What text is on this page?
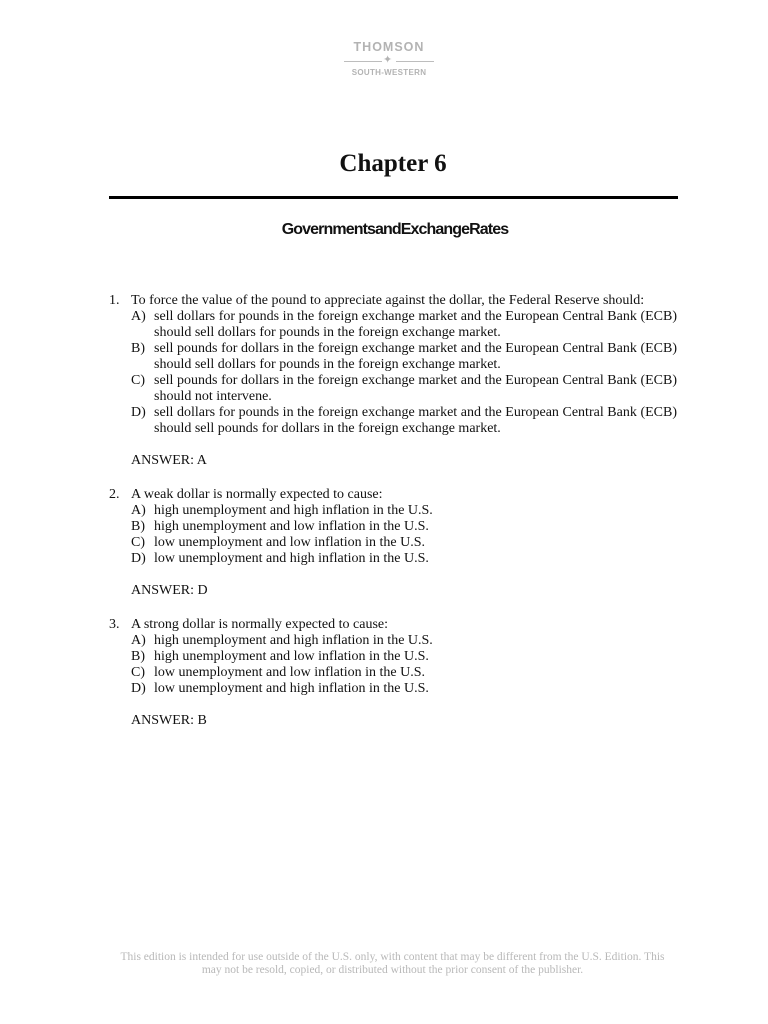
THOMSON
✦
SOUTH-WESTERN
Chapter 6
GovernmentsandExchangeRates
1. To force the value of the pound to appreciate against the dollar, the Federal Reserve should:
A) sell dollars for pounds in the foreign exchange market and the European Central Bank (ECB) should sell dollars for pounds in the foreign exchange market.
B) sell pounds for dollars in the foreign exchange market and the European Central Bank (ECB) should sell dollars for pounds in the foreign exchange market.
C) sell pounds for dollars in the foreign exchange market and the European Central Bank (ECB) should not intervene.
D) sell dollars for pounds in the foreign exchange market and the European Central Bank (ECB) should sell pounds for dollars in the foreign exchange market.
ANSWER: A
2. A weak dollar is normally expected to cause:
A) high unemployment and high inflation in the U.S.
B) high unemployment and low inflation in the U.S.
C) low unemployment and low inflation in the U.S.
D) low unemployment and high inflation in the U.S.
ANSWER: D
3. A strong dollar is normally expected to cause:
A) high unemployment and high inflation in the U.S.
B) high unemployment and low inflation in the U.S.
C) low unemployment and low inflation in the U.S.
D) low unemployment and high inflation in the U.S.
ANSWER: B
This edition is intended for use outside of the U.S. only, with content that may be different from the U.S. Edition. This
may not be resold, copied, or distributed without the prior consent of the publisher.
